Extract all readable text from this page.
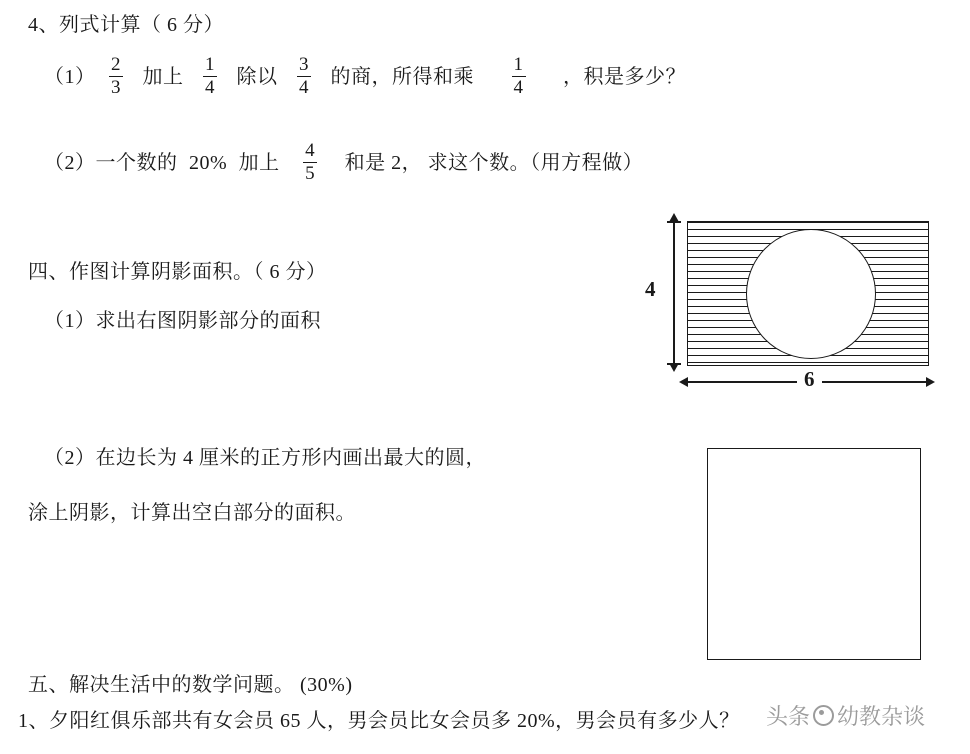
4、列式计算（ 6 分）
$(1) \frac{2}{3}$ 加上 $\frac{1}{4}$ 除以 $\frac{3}{4}$ 的商，所得和乘 $\frac{1}{4}$ ，积是多少？
（2）一个数的 20% 加上 $\frac{4}{5}$ 和是 2， 求这个数。（用方程做）
四、作图计算阴影面积。（ 6 分）
（1）求出右图阴影部分的面积
（2）在边长为 4 厘米的正方形内画出最大的圆，
涂上阴影，计算出空白部分的面积。
4
6
五、解决生活中的数学问题。 (30%)
1、夕阳红俱乐部共有女会员 65 人，男会员比女会员多 20%，男会员有多少人？ 头条 幼教杂谈
